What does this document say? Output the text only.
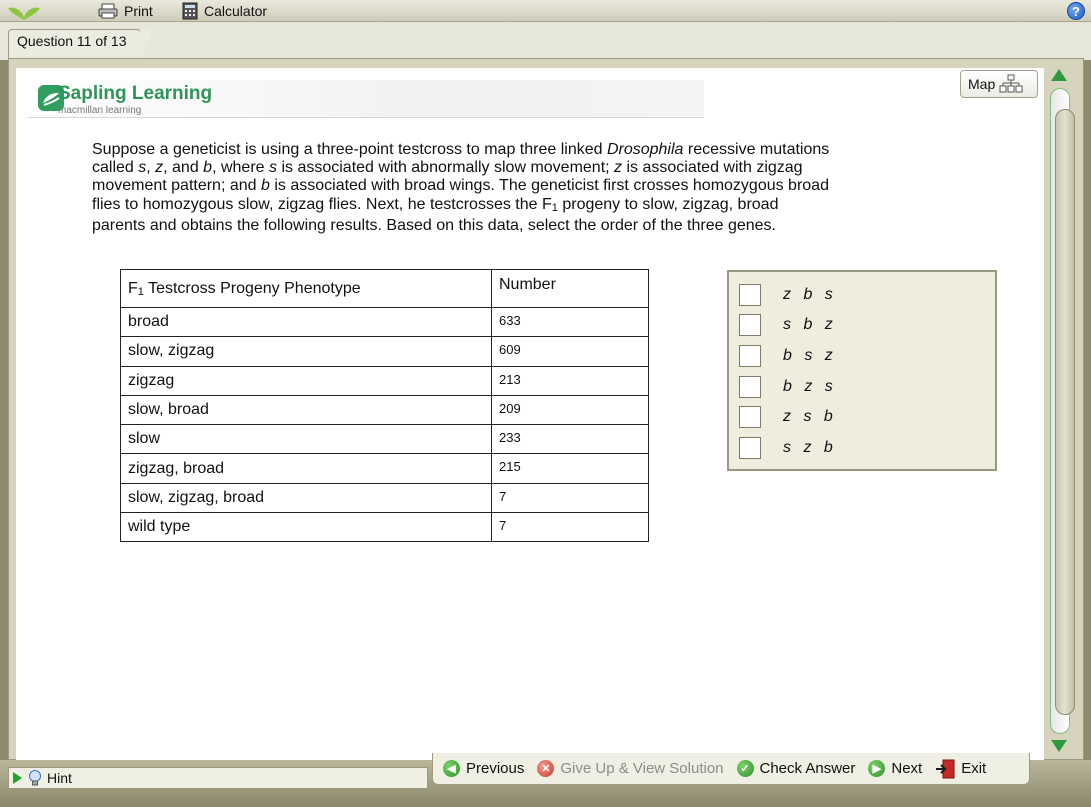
Print	Calculator	?
Question 11 of 13
Sapling Learning
macmillan learning
Map

Suppose a geneticist is using a three-point testcross to map three linked Drosophila recessive mutations

called s, z, and b, where s is associated with abnormally slow movement; z is associated with zigzag

movement pattern; and b is associated with broad wings. The geneticist first crosses homozygous broad

flies to homozygous slow, zigzag flies. Next, he testcrosses the $F_1$ progeny to slow, zigzag, broad

parents and obtains the following results. Based on this data, select the order of the three genes.

$F_1$ Testcross Progeny Phenotype	Number
broad	633
slow, zigzag	609
zigzag	213
slow, broad	209
slow	233
zigzag, broad	215
slow, zigzag, broad	7
wild type	7
z b s
s b z
b s z
b z s
z s b
s z b
Hint
◀ Previous	✕ Give Up & View Solution	✓ Check Answer	▶ Next	Exit
